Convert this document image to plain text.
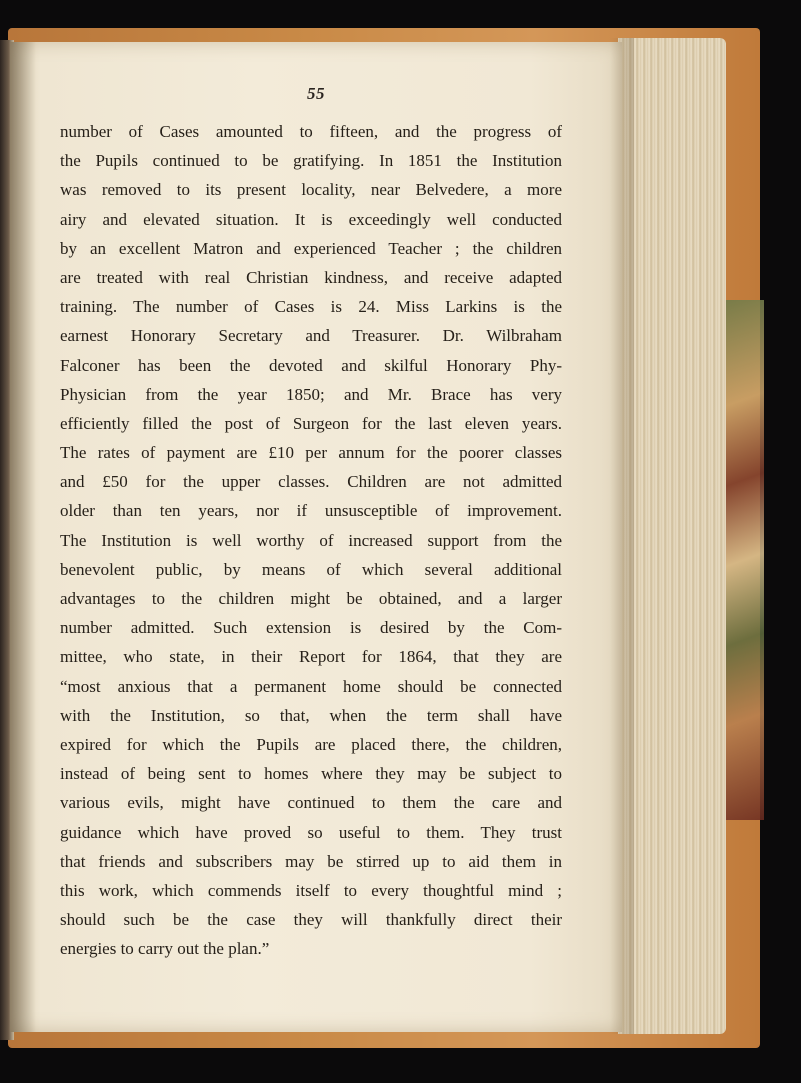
55
number of Cases amounted to fifteen, and the progress of
the Pupils continued to be gratifying. In 1851 the Institution
was removed to its present locality, near Belvedere, a more
airy and elevated situation. It is exceedingly well conducted
by an excellent Matron and experienced Teacher ; the children
are treated with real Christian kindness, and receive adapted
training. The number of Cases is 24. Miss Larkins is the
earnest Honorary Secretary and Treasurer. Dr. Wilbraham
Falconer has been the devoted and skilful Honorary Phy-
Physician from the year 1850; and Mr. Brace has very
efficiently filled the post of Surgeon for the last eleven years.
The rates of payment are £10 per annum for the poorer classes
and £50 for the upper classes. Children are not admitted
older than ten years, nor if unsusceptible of improvement.
The Institution is well worthy of increased support from the
benevolent public, by means of which several additional
advantages to the children might be obtained, and a larger
number admitted. Such extension is desired by the Com-
mittee, who state, in their Report for 1864, that they are
“most anxious that a permanent home should be connected
with the Institution, so that, when the term shall have
expired for which the Pupils are placed there, the children,
instead of being sent to homes where they may be subject to
various evils, might have continued to them the care and
guidance which have proved so useful to them. They trust
that friends and subscribers may be stirred up to aid them in
this work, which commends itself to every thoughtful mind ;
should such be the case they will thankfully direct their
energies to carry out the plan.”
